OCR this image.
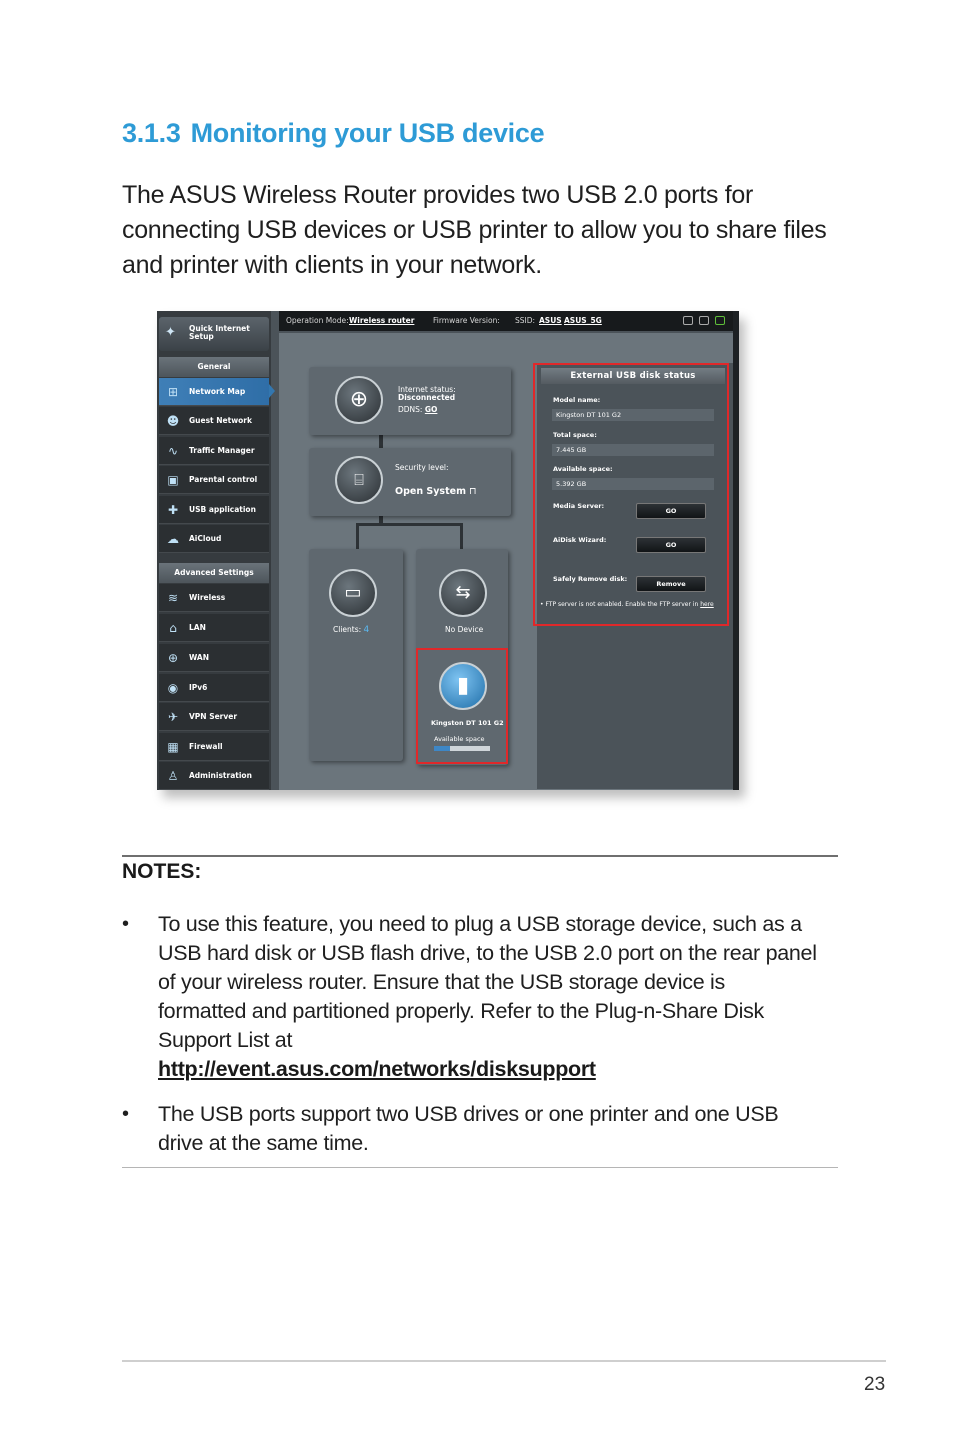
3.1.3 Monitoring your USB device

The ASUS Wireless Router provides two USB 2.0 ports for connecting USB devices or USB printer to allow you to share files and printer with clients in your network.

✦	Quick Internet Setup
General
⊞	Network Map
☻ Guest Network
∿	Traffic Manager
▣	Parental control
✚	USB application
☁ AiCloud
Advanced Settings
≋	Wireless
⌂	LAN
⊕	WAN
◉	IPv6
✈	VPN Server
▦	Firewall
♙	Administration
Operation Mode: Wireless router Firmware Version: SSID: ASUS ASUS_5G
⊕	Internet status:
Disconnected
DDNS: GO
⌸
Security level:
Open System ⊓
▭
Clients: 4
⇆
No Device
▮
Kingston DT 101 G2
Available space
External USB disk status
Model name:
Kingston DT 101 G2
Total space:
7.445 GB
Available space:
5.392 GB
Media Server:
GO
AiDisk Wizard:
GO
Safely Remove disk:
Remove
• FTP server is not enabled. Enable the FTP server in here
NOTES:
• To use this feature, you need to plug a USB storage device, such as a USB hard disk or USB flash drive, to the USB 2.0 port on the rear panel of your wireless router. Ensure that the USB storage device is formatted and partitioned properly. Refer to the Plug-n-Share Disk Support List at
http://event.asus.com/networks/disksupport
• The USB ports support two USB drives or one printer and one USB drive at the same time.
23
